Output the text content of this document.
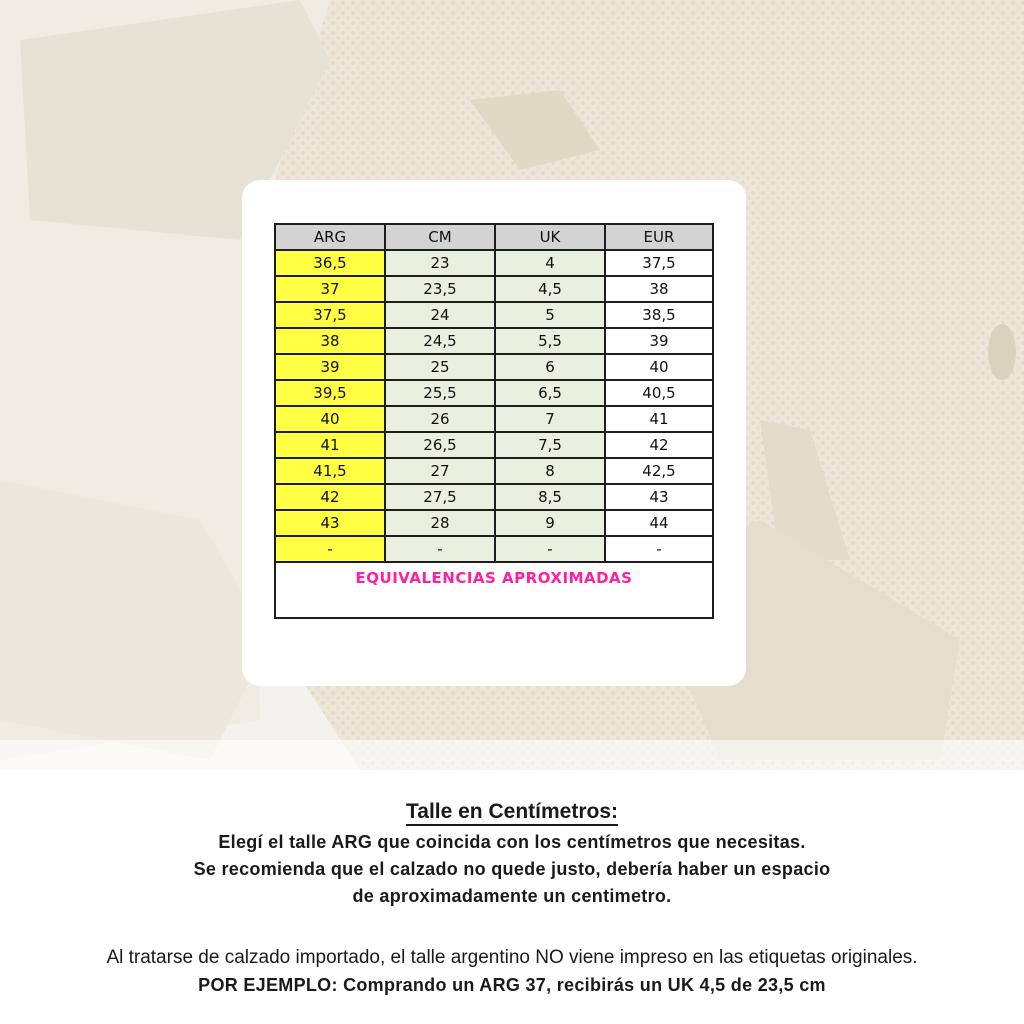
ARG	CM	UK	EUR
36,5	23	4	37,5
37	23,5	4,5	38
37,5	24	5	38,5
38	24,5	5,5	39
39	25	6	40
39,5	25,5	6,5	40,5
40	26	7	41
41	26,5	7,5	42
41,5	27	8	42,5
42	27,5	8,5	43
43	28	9	44
-	-	-	-
EQUIVALENCIAS APROXIMADAS			
Talle en Centímetros:
Elegí el talle ARG que coincida con los centímetros que necesitas.
Se recomienda que el calzado no quede justo, debería haber un espacio
de aproximadamente un centimetro.
Al tratarse de calzado importado, el talle argentino NO viene impreso en las etiquetas originales.
POR EJEMPLO: Comprando un ARG 37, recibirás un UK 4,5 de 23,5 cm
